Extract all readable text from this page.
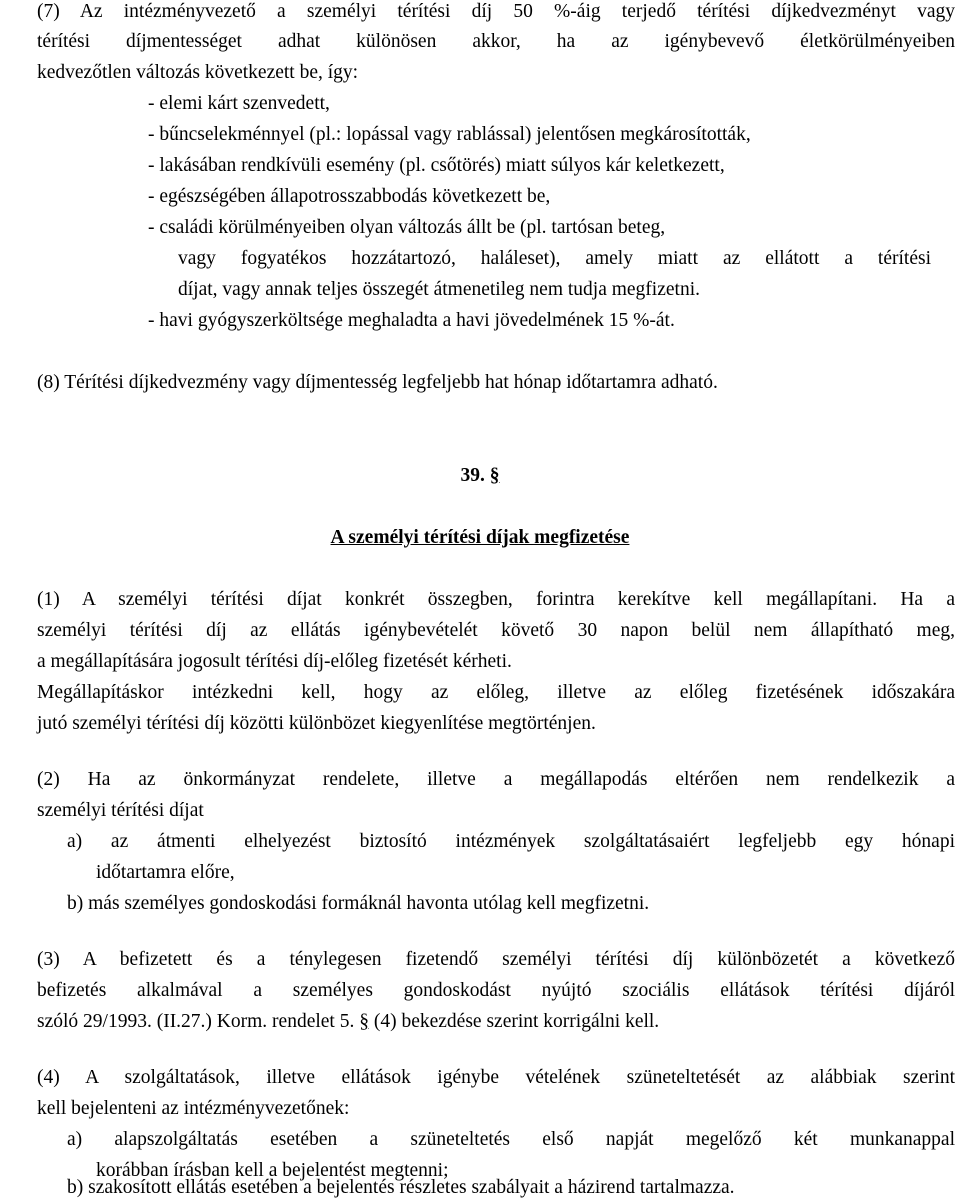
(7) Az intézményvezető a személyi térítési díj 50 %-áig terjedő térítési díjkedvezményt vagy
térítési díjmentességet adhat különösen akkor, ha az igénybevevő életkörülményeiben
kedvezőtlen változás következett be, így:
- elemi kárt szenvedett,
- bűncselekménnyel (pl.: lopással vagy rablással) jelentősen megkárosították,
- lakásában rendkívüli esemény (pl. csőtörés) miatt súlyos kár keletkezett,
- egészségében állapotrosszabbodás következett be,
- családi körülményeiben olyan változás állt be (pl. tartósan beteg,
vagy fogyatékos hozzátartozó, haláleset), amely miatt az ellátott a térítési
díjat, vagy annak teljes összegét átmenetileg nem tudja megfizetni.
- havi gyógyszerköltsége meghaladta a havi jövedelmének 15 %-át.
(8) Térítési díjkedvezmény vagy díjmentesség legfeljebb hat hónap időtartamra adható.
39. §
A személyi térítési díjak megfizetése
(1) A személyi térítési díjat konkrét összegben, forintra kerekítve kell megállapítani. Ha a
személyi térítési díj az ellátás igénybevételét követő 30 napon belül nem állapítható meg,
a megállapítására jogosult térítési díj-előleg fizetését kérheti.
Megállapításkor intézkedni kell, hogy az előleg, illetve az előleg fizetésének időszakára
jutó személyi térítési díj közötti különbözet kiegyenlítése megtörténjen.
(2) Ha az önkormányzat rendelete, illetve a megállapodás eltérően nem rendelkezik a
személyi térítési díjat
a) az átmenti elhelyezést biztosító intézmények szolgáltatásaiért legfeljebb egy hónapi
időtartamra előre,
b) más személyes gondoskodási formáknál havonta utólag kell megfizetni.
(3) A befizetett és a ténylegesen fizetendő személyi térítési díj különbözetét a következő
befizetés alkalmával a személyes gondoskodást nyújtó szociális ellátások térítési díjáról
szóló 29/1993. (II.27.) Korm. rendelet 5. § (4) bekezdése szerint korrigálni kell.
(4) A szolgáltatások, illetve ellátások igénybe vételének szüneteltetését az alábbiak szerint
kell bejelenteni az intézményvezetőnek:
a) alapszolgáltatás esetében a szüneteltetés első napját megelőző két munkanappal
korábban írásban kell a bejelentést megtenni;
b) szakosított ellátás esetében a bejelentés részletes szabályait a házirend tartalmazza.
